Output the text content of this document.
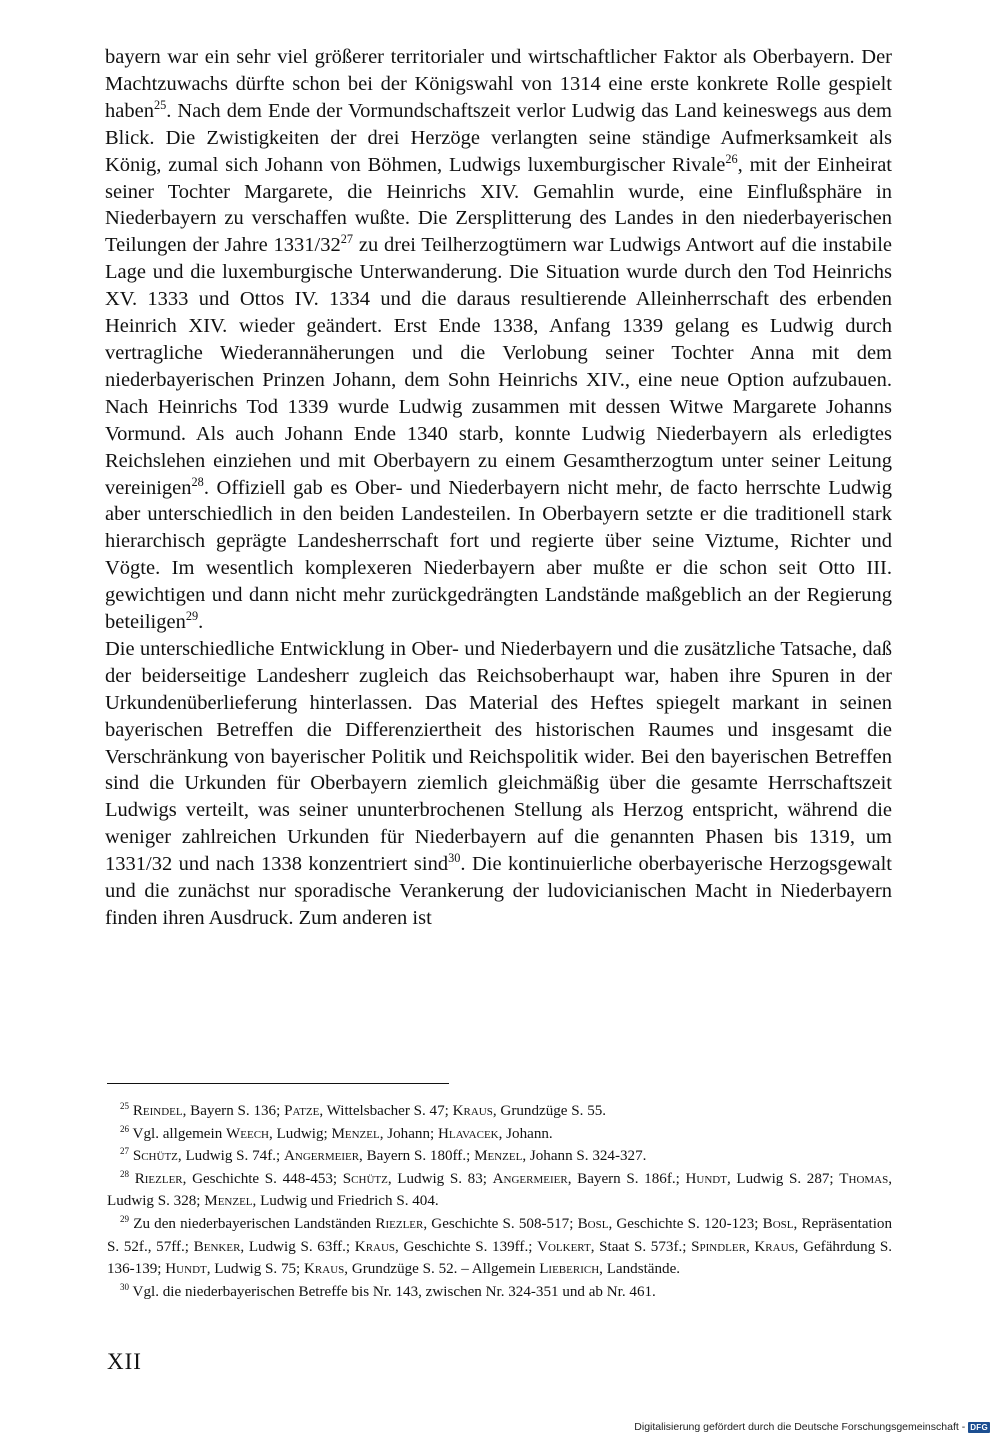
bayern war ein sehr viel größerer territorialer und wirtschaftlicher Faktor als Oberbayern. Der Machtzuwachs dürfte schon bei der Königswahl von 1314 eine erste konkrete Rolle gespielt haben$^{25}$. Nach dem Ende der Vormundschaftszeit verlor Ludwig das Land keineswegs aus dem Blick. Die Zwistigkeiten der drei Herzöge verlangten seine ständige Aufmerksamkeit als König, zumal sich Johann von Böhmen, Ludwigs luxemburgischer Rivale$^{26}$, mit der Einheirat seiner Tochter Margarete, die Heinrichs XIV. Gemahlin wurde, eine Einflußsphäre in Niederbayern zu verschaffen wußte. Die Zersplitterung des Landes in den niederbayerischen Teilungen der Jahre $1331/32^{27}$ zu drei Teilherzogtümern war Ludwigs Antwort auf die instabile Lage und die luxemburgische Unterwanderung. Die Situation wurde durch den Tod Heinrichs XV. 1333 und Ottos IV. 1334 und die daraus resultierende Alleinherrschaft des erbenden Heinrich XIV. wieder geändert. Erst Ende 1338, Anfang 1339 gelang es Ludwig durch vertragliche Wiederannäherungen und die Verlobung seiner Tochter Anna mit dem niederbayerischen Prinzen Johann, dem Sohn Heinrichs XIV., eine neue Option aufzubauen. Nach Heinrichs Tod 1339 wurde Ludwig zusammen mit dessen Witwe Margarete Johanns Vormund. Als auch Johann Ende 1340 starb, konnte Ludwig Niederbayern als erledigtes Reichslehen einziehen und mit Oberbayern zu einem Gesamtherzogtum unter seiner Leitung vereinigen$^{28}$. Offiziell gab es Ober- und Niederbayern nicht mehr, de facto herrschte Ludwig aber unterschiedlich in den beiden Landesteilen. In Oberbayern setzte er die traditionell stark hierarchisch geprägte Landesherrschaft fort und regierte über seine Viztume, Richter und Vögte. Im wesentlich komplexeren Niederbayern aber mußte er die schon seit Otto III. gewichtigen und dann nicht mehr zurückgedrängten Landstände maßgeblich an der Regierung beteiligen$^{29}$.

Die unterschiedliche Entwicklung in Ober- und Niederbayern und die zusätzliche Tatsache, daß der beiderseitige Landesherr zugleich das Reichsoberhaupt war, haben ihre Spuren in der Urkundenüberlieferung hinterlassen. Das Material des Heftes spiegelt markant in seinen bayerischen Betreffen die Differenziertheit des historischen Raumes und insgesamt die Verschränkung von bayerischer Politik und Reichspolitik wider. Bei den bayerischen Betreffen sind die Urkunden für Oberbayern ziemlich gleichmäßig über die gesamte Herrschaftszeit Ludwigs verteilt, was seiner ununterbrochenen Stellung als Herzog entspricht, während die weniger zahlreichen Urkunden für Niederbayern auf die genannten Phasen bis 1319, um 1331/32 und nach 1338 konzentriert sind$^{30}$. Die kontinuierliche oberbayerische Herzogsgewalt und die zunächst nur sporadische Verankerung der ludovicianischen Macht in Niederbayern finden ihren Ausdruck. Zum anderen ist

$^{25}$ Reindel, Bayern S. 136; Patze, Wittelsbacher S. 47; Kraus, Grundzüge S. 55.

$^{26}$ Vgl. allgemein Weech, Ludwig; Menzel, Johann; Hlavacek, Johann.

$^{27}$ Schütz, Ludwig S. 74f.; Angermeier, Bayern S. 180ff.; Menzel, Johann S. 324-327.

$^{28}$ Riezler, Geschichte S. 448-453; Schütz, Ludwig S. 83; Angermeier, Bayern S. 186f.; Hundt, Ludwig S. 287; Thomas, Ludwig S. 328; Menzel, Ludwig und Friedrich S. 404.

$^{29}$ Zu den niederbayerischen Landständen Riezler, Geschichte S. 508-517; Bosl, Geschichte S. 120-123; Bosl, Repräsentation S. 52f., 57ff.; Benker, Ludwig S. 63ff.; Kraus, Geschichte S. 139ff.; Volkert, Staat S. 573f.; Spindler, Kraus, Gefährdung S. 136-139; Hundt, Ludwig S. 75; Kraus, Grundzüge S. 52. – Allgemein Lieberich, Landstände.

$^{30}$ Vgl. die niederbayerischen Betreffe bis Nr. 143, zwischen Nr. 324-351 und ab Nr. 461.

XII
Digitalisierung gefördert durch die Deutsche Forschungsgemeinschaft - DFG
